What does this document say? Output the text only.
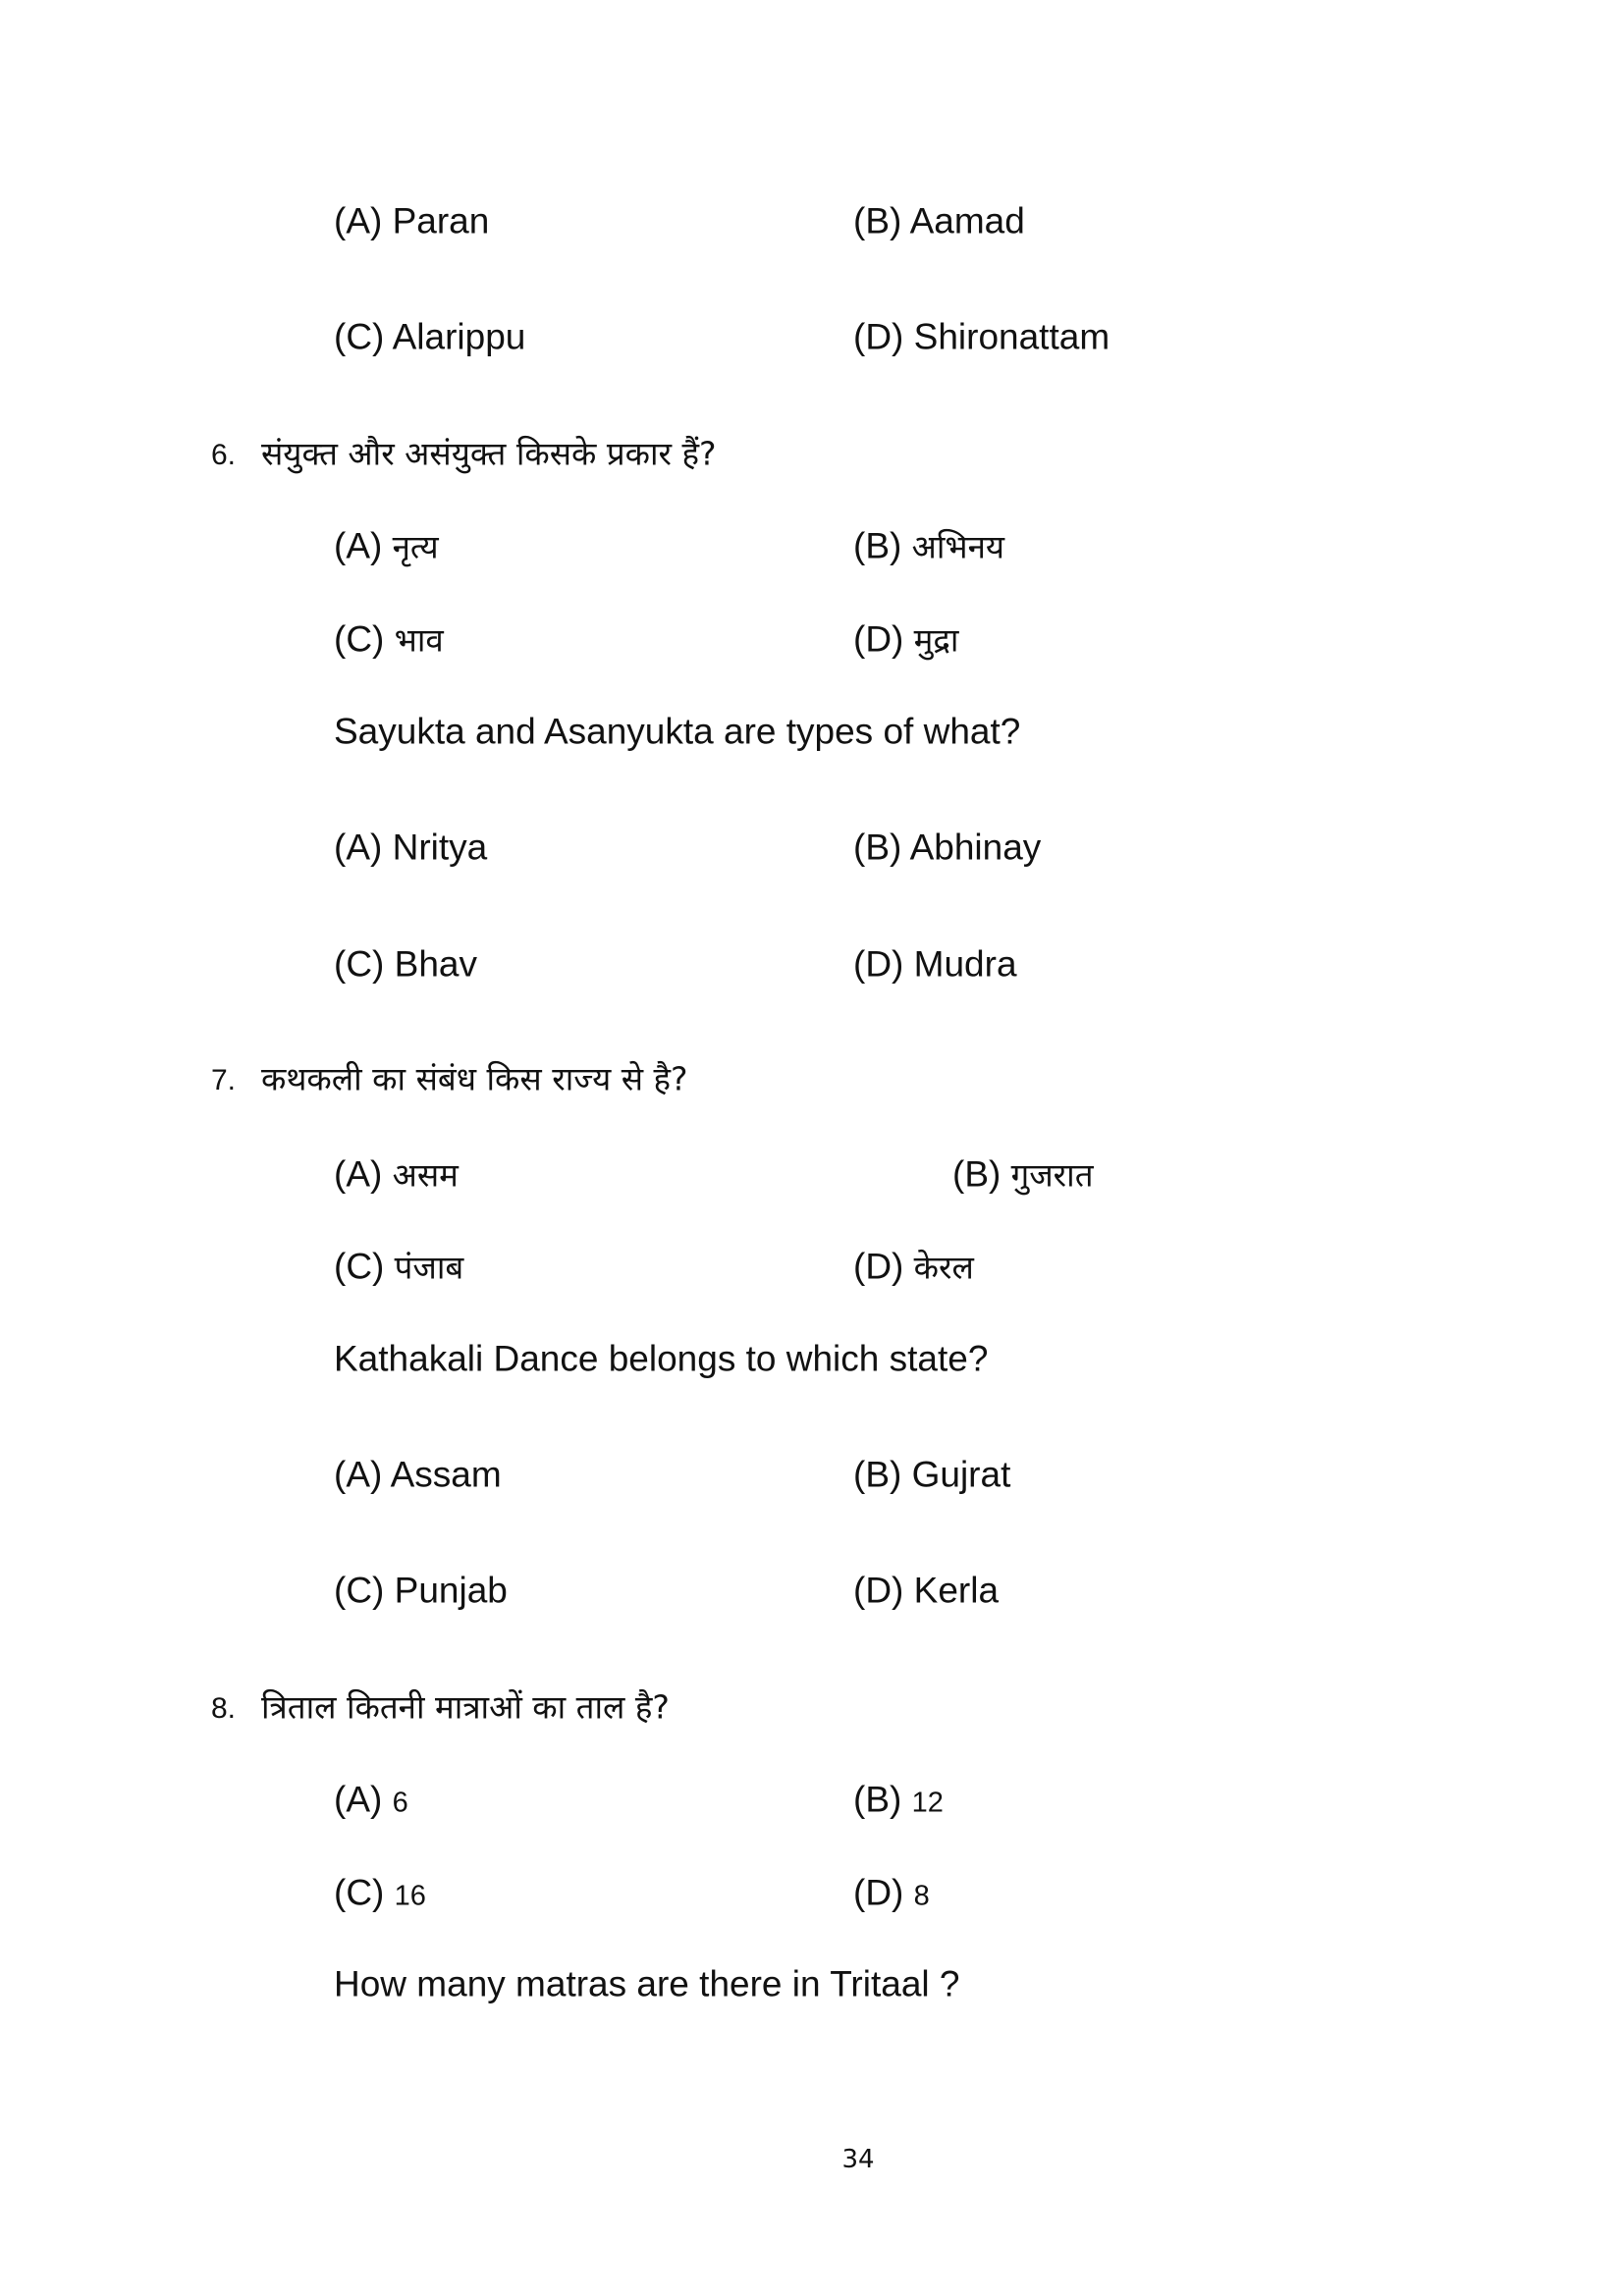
(A) Paran	(B) Aamad
(C) Alarippu	(D) Shironattam
6. संयुक्त और असंयुक्त किसके प्रकार हैं?
(A) नृत्य	(B) अभिनय
(C) भाव	(D) मुद्रा
Sayukta and Asanyukta are types of what?
(A) Nritya	(B) Abhinay
(C) Bhav	(D) Mudra
7. कथकली का संबंध किस राज्य से है?
(A) असम	(B) गुजरात
(C) पंजाब	(D) केरल
Kathakali Dance belongs to which state?
(A) Assam	(B) Gujrat
(C) Punjab	(D) Kerla
8. त्रिताल कितनी मात्राओं का ताल है?
(A) 6	(B) 12
(C) 16	(D) 8
How many matras are there in Tritaal ?
34
